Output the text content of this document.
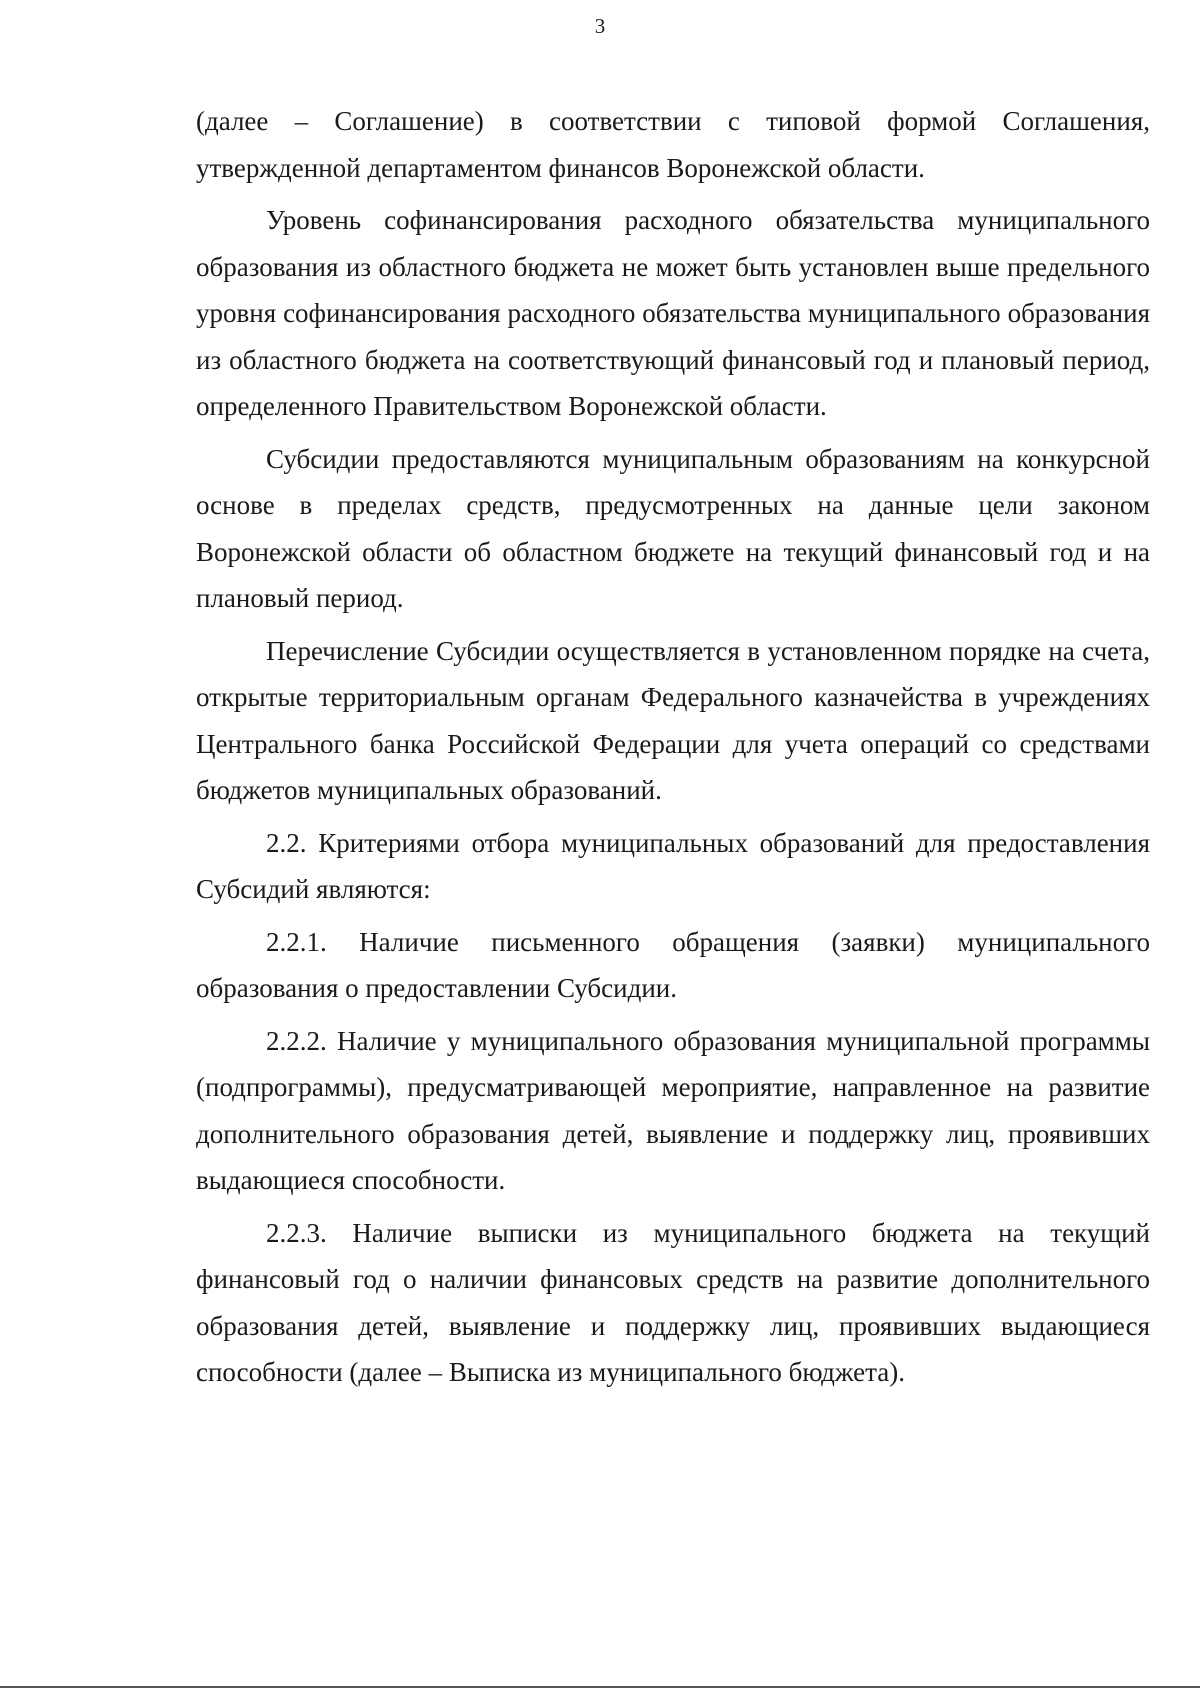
3

(далее – Соглашение) в соответствии с типовой формой Соглашения, утвержденной департаментом финансов Воронежской области.

Уровень софинансирования расходного обязательства муниципального образования из областного бюджета не может быть установлен выше предельного уровня софинансирования расходного обязательства муниципального образования из областного бюджета на соответствующий финансовый год и плановый период, определенного Правительством Воронежской области.

Субсидии предоставляются муниципальным образованиям на конкурсной основе в пределах средств, предусмотренных на данные цели законом Воронежской области об областном бюджете на текущий финансовый год и на плановый период.

Перечисление Субсидии осуществляется в установленном порядке на счета, открытые территориальным органам Федерального казначейства в учреждениях Центрального банка Российской Федерации для учета операций со средствами бюджетов муниципальных образований.

2.2. Критериями отбора муниципальных образований для предоставления Субсидий являются:

2.2.1. Наличие письменного обращения (заявки) муниципального образования о предоставлении Субсидии.

2.2.2. Наличие у муниципального образования муниципальной программы (подпрограммы), предусматривающей мероприятие, направленное на развитие дополнительного образования детей, выявление и поддержку лиц, проявивших выдающиеся способности.

2.2.3. Наличие выписки из муниципального бюджета на текущий финансовый год о наличии финансовых средств на развитие дополнительного образования детей, выявление и поддержку лиц, проявивших выдающиеся способности (далее – Выписка из муниципального бюджета).
